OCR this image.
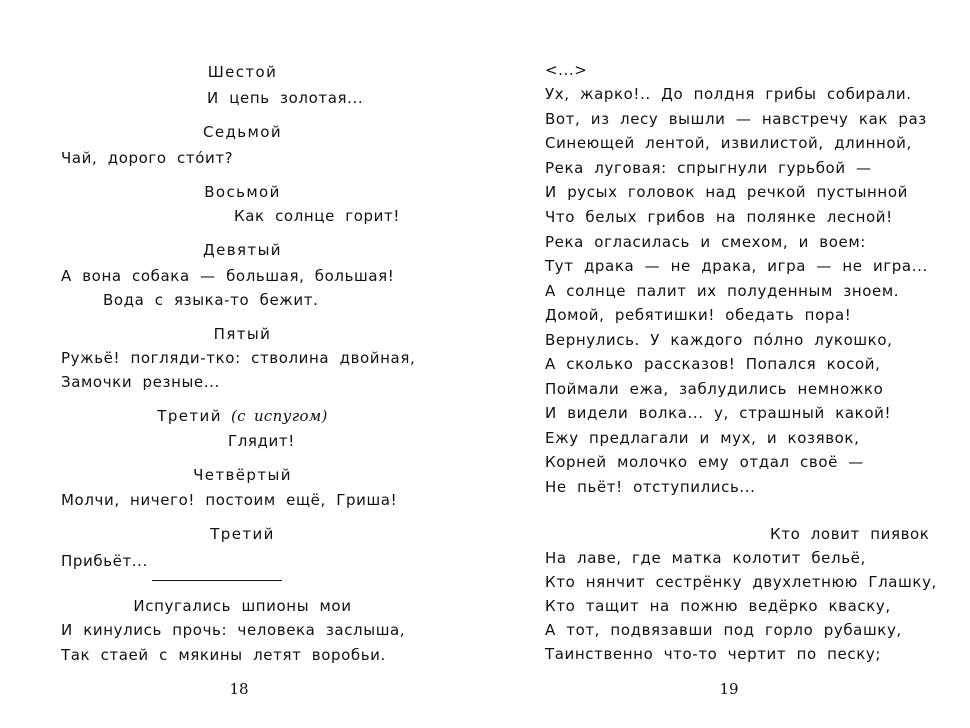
Шестой
И цепь золотая...
Седьмой
Чай, дорого сто́ит?
Восьмой
Как солнце горит!
Девятый
А вона собака — большая, большая!
Вода с языка-то бежит.
Пятый
Ружьё! погляди-тко: стволина двойная,
Замочки резные...
Третий (с испугом)
Глядит!
Четвёртый
Молчи, ничего! постоим ещё, Гриша!
Третий
Прибьёт...
Испугались шпионы мои
И кинулись прочь: человека заслыша,
Так стаей с мякины летят воробьи.
18
<...>
Ух, жарко!.. До полдня грибы собирали.
Вот, из лесу вышли — навстречу как раз
Синеющей лентой, извилистой, длинной,
Река луговая: спрыгнули гурьбой —
И русых головок над речкой пустынной
Что белых грибов на полянке лесной!
Река огласилась и смехом, и воем:
Тут драка — не драка, игра — не игра...
А солнце палит их полуденным зноем.
Домой, ребятишки! обедать пора!
Вернулись. У каждого по́лно лукошко,
А сколько рассказов! Попался косой,
Поймали ежа, заблудились немножко
И видели волка... у, страшный какой!
Ежу предлагали и мух, и козявок,
Корней молочко ему отдал своё —
Не пьёт! отступились...
Кто ловит пиявок
На лаве, где матка колотит бельё,
Кто нянчит сестрёнку двухлетнюю Глашку,
Кто тащит на пожню ведёрко кваску,
А тот, подвязавши под горло рубашку,
Таинственно что-то чертит по песку;
19
